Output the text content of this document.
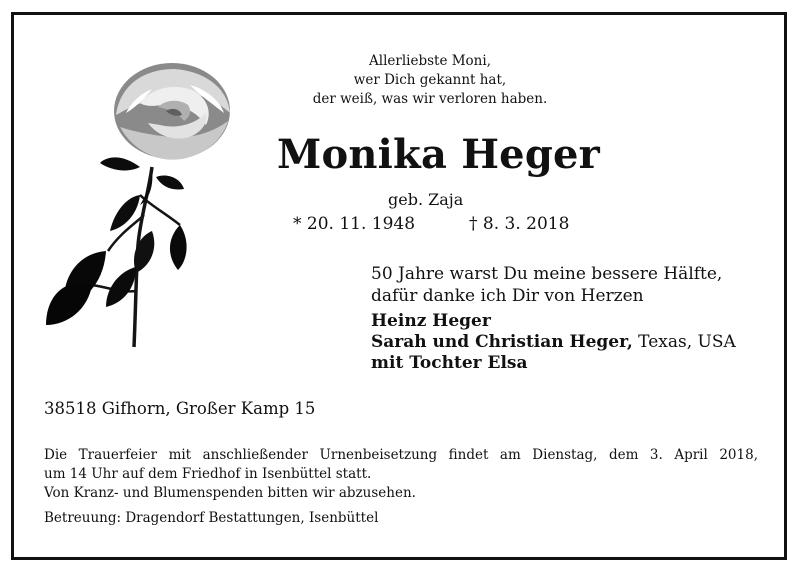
Allerliebste Moni,
wer Dich gekannt hat,
der weiß, was wir verloren haben.
Monika Heger
geb. Zaja
* 20. 11. 1948	† 8. 3. 2018
50 Jahre warst Du meine bessere Hälfte,
dafür danke ich Dir von Herzen
Heinz Heger
Sarah und Christian Heger, Texas, USA
mit Tochter Elsa
38518 Gifhorn, Großer Kamp 15
Die Trauerfeier mit anschließender Urnenbeisetzung findet am Dienstag, dem 3. April 2018,
um 14 Uhr auf dem Friedhof in Isenbüttel statt.
Von Kranz- und Blumenspenden bitten wir abzusehen.
Betreuung: Dragendorf Bestattungen, Isenbüttel
